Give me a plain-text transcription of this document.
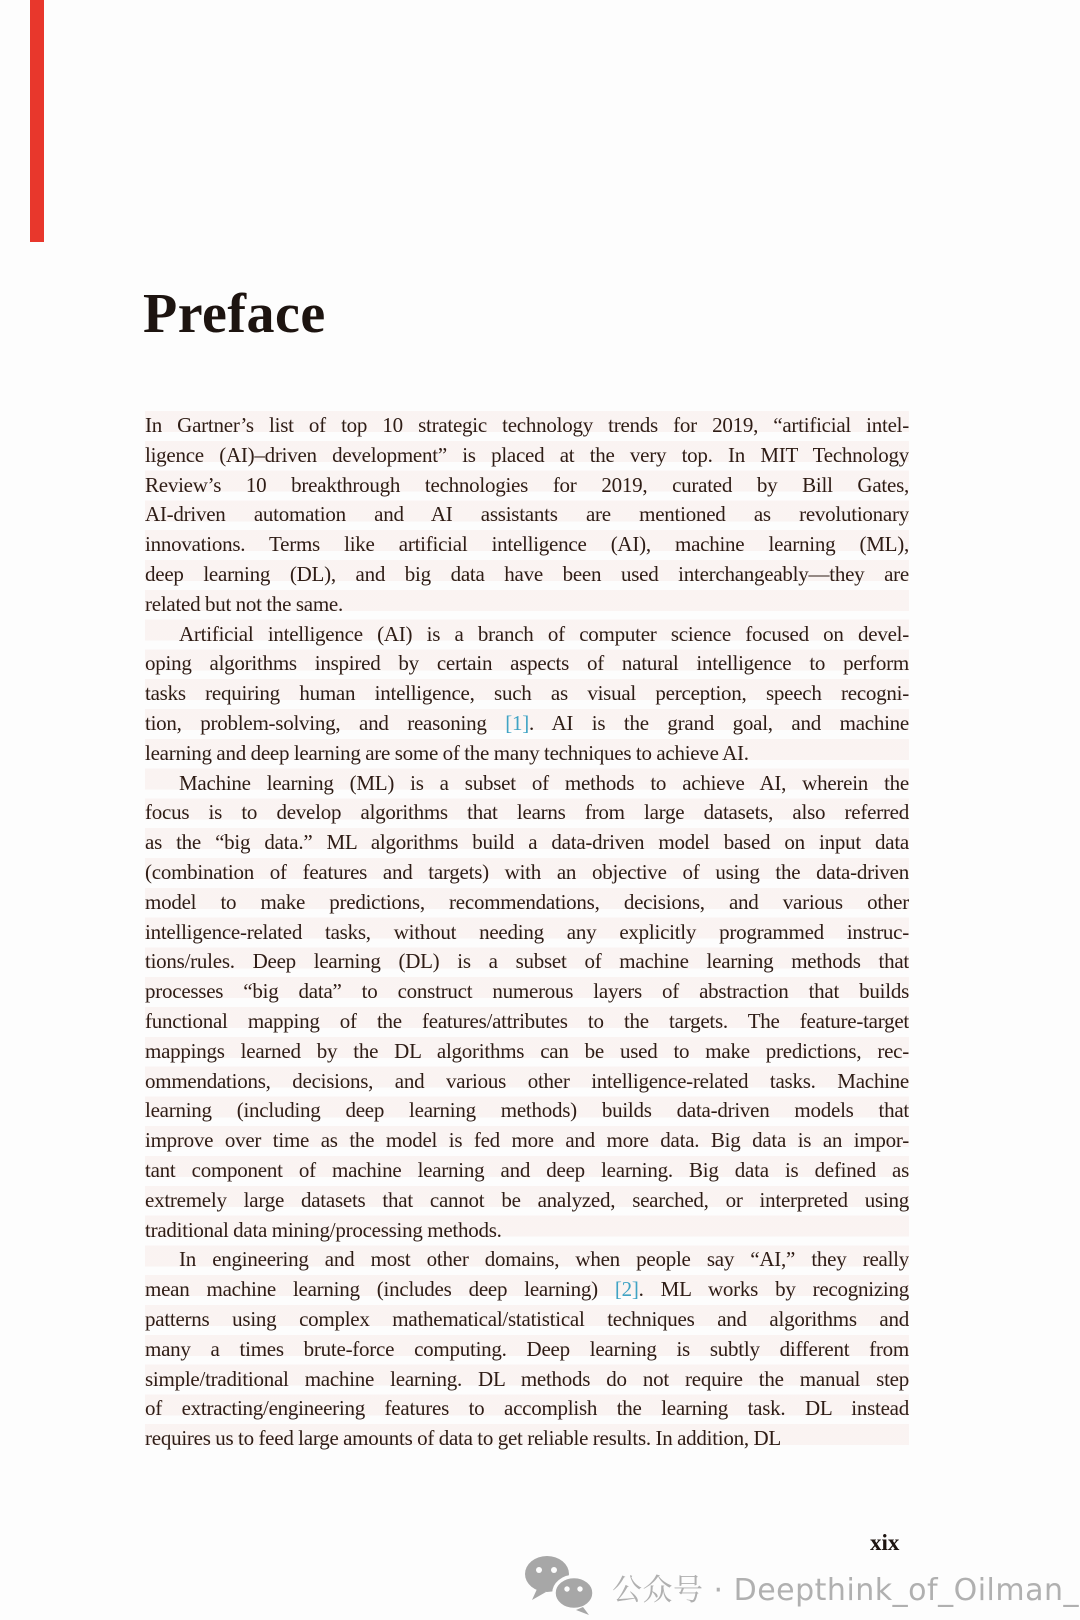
Preface
In Gartner’s list of top 10 strategic technology trends for 2019, “artificial intel-
ligence (AI)–driven development” is placed at the very top. In MIT Technology
Review’s 10 breakthrough technologies for 2019, curated by Bill Gates,
AI-driven automation and AI assistants are mentioned as revolutionary
innovations. Terms like artificial intelligence (AI), machine learning (ML),
deep learning (DL), and big data have been used interchangeably—they are
related but not the same.
Artificial intelligence (AI) is a branch of computer science focused on devel-
oping algorithms inspired by certain aspects of natural intelligence to perform
tasks requiring human intelligence, such as visual perception, speech recogni-
tion, problem-solving, and reasoning [1]. AI is the grand goal, and machine
learning and deep learning are some of the many techniques to achieve AI.
Machine learning (ML) is a subset of methods to achieve AI, wherein the
focus is to develop algorithms that learns from large datasets, also referred
as the “big data.” ML algorithms build a data-driven model based on input data
(combination of features and targets) with an objective of using the data-driven
model to make predictions, recommendations, decisions, and various other
intelligence-related tasks, without needing any explicitly programmed instruc-
tions/rules. Deep learning (DL) is a subset of machine learning methods that
processes “big data” to construct numerous layers of abstraction that builds
functional mapping of the features/attributes to the targets. The feature-target
mappings learned by the DL algorithms can be used to make predictions, rec-
ommendations, decisions, and various other intelligence-related tasks. Machine
learning (including deep learning methods) builds data-driven models that
improve over time as the model is fed more and more data. Big data is an impor-
tant component of machine learning and deep learning. Big data is defined as
extremely large datasets that cannot be analyzed, searched, or interpreted using
traditional data mining/processing methods.
In engineering and most other domains, when people say “AI,” they really
mean machine learning (includes deep learning) [2]. ML works by recognizing
patterns using complex mathematical/statistical techniques and algorithms and
many a times brute-force computing. Deep learning is subtly different from
simple/traditional machine learning. DL methods do not require the manual step
of extracting/engineering features to accomplish the learning task. DL instead
requires us to feed large amounts of data to get reliable results. In addition, DL
xix
公众号 · Deepthink_of_Oilman_
